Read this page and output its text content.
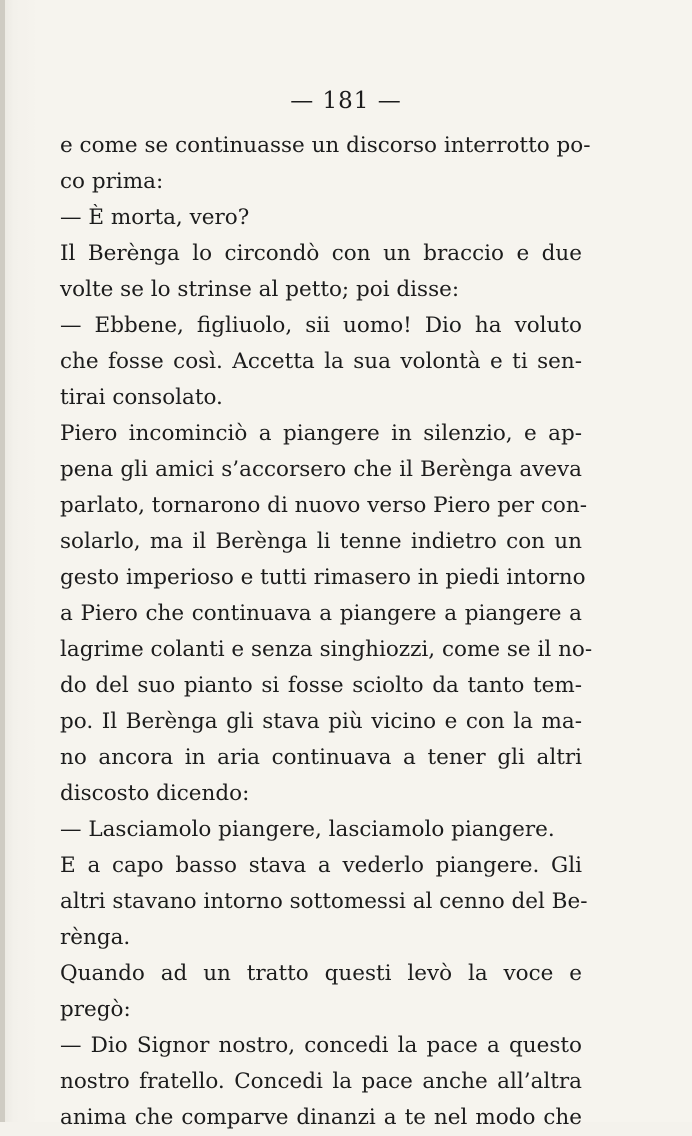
— 181 —
e come se continuasse un discorso interrotto po-
co prima:
— È morta, vero?
Il Berènga lo circondò con un braccio e due
volte se lo strinse al petto; poi disse:
— Ebbene, figliuolo, sii uomo! Dio ha voluto
che fosse così. Accetta la sua volontà e ti sen-
tirai consolato.
Piero incominciò a piangere in silenzio, e ap-
pena gli amici s’accorsero che il Berènga aveva
parlato, tornarono di nuovo verso Piero per con-
solarlo, ma il Berènga li tenne indietro con un
gesto imperioso e tutti rimasero in piedi intorno
a Piero che continuava a piangere a piangere a
lagrime colanti e senza singhiozzi, come se il no-
do del suo pianto si fosse sciolto da tanto tem-
po. Il Berènga gli stava più vicino e con la ma-
no ancora in aria continuava a tener gli altri
discosto dicendo:
— Lasciamolo piangere, lasciamolo piangere.
E a capo basso stava a vederlo piangere. Gli
altri stavano intorno sottomessi al cenno del Be-
rènga.
Quando ad un tratto questi levò la voce e
pregò:
— Dio Signor nostro, concedi la pace a questo
nostro fratello. Concedi la pace anche all’altra
anima che comparve dinanzi a te nel modo che
